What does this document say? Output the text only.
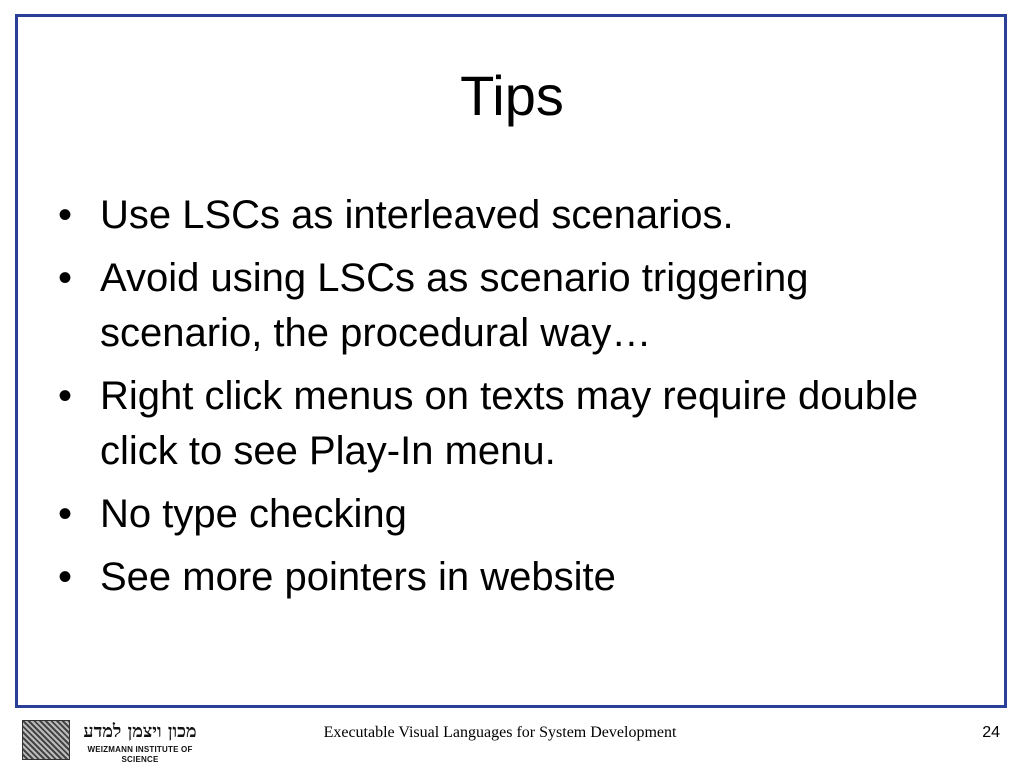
Tips
• Use LSCs as interleaved scenarios.
• Avoid using LSCs as scenario triggering scenario, the procedural way…
• Right click menus on texts may require double click to see Play-In menu.
• No type checking
• See more pointers in website
מכון ויצמן למדע
WEIZMANN INSTITUTE OF SCIENCE
Executable Visual Languages for System Development	24
